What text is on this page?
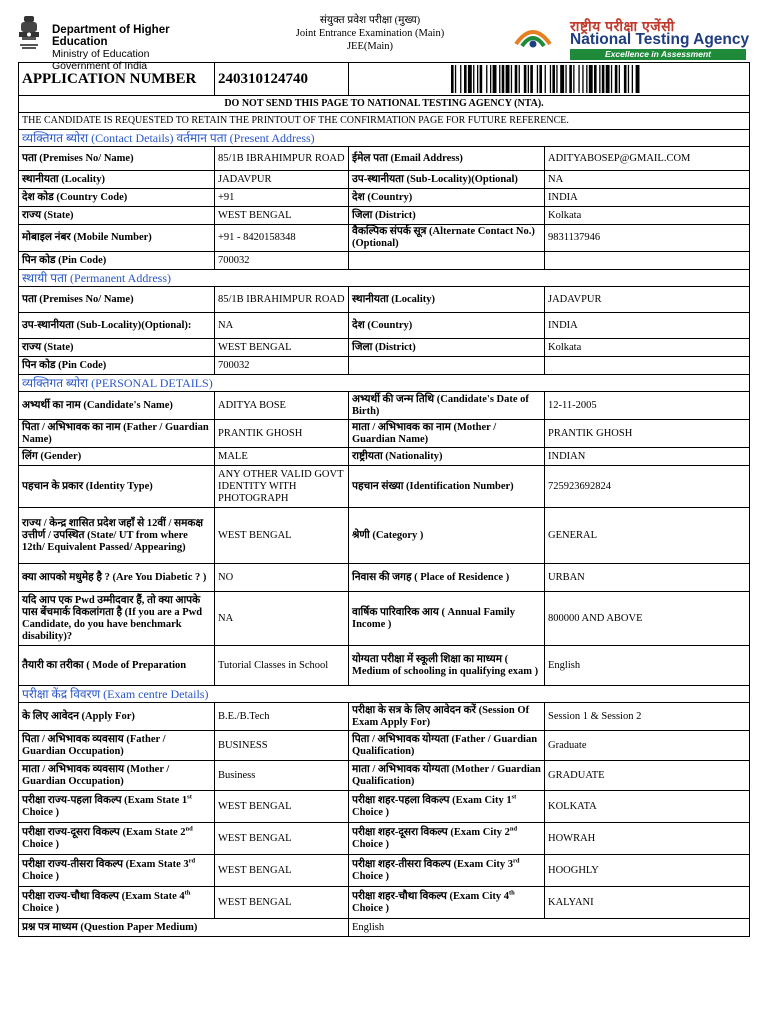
Department of Higher Education
Ministry of Education
Government of India
संयुक्त प्रवेश परीक्षा (मुख्य)
Joint Entrance Examination (Main)
JEE(Main)
राष्ट्रीय परीक्षा एजेंसी
National Testing Agency
Excellence in Assessment
APPLICATION NUMBER	240310124740	

DO NOT SEND THIS PAGE TO NATIONAL TESTING AGENCY (NTA).			
THE CANDIDATE IS REQUESTED TO RETAIN THE PRINTOUT OF THE CONFIRMATION PAGE FOR FUTURE REFERENCE.			
व्यक्तिगत ब्योरा (Contact Details) वर्तमान पता (Present Address)			
पता (Premises No/ Name)	85/1B IBRAHIMPUR ROAD	ईमेल पता (Email Address)	ADITYABOSEP@GMAIL.COM
स्थानीयता (Locality)	JADAVPUR	उप-स्थानीयता (Sub-Locality)(Optional)	NA
देश कोड (Country Code)	+91	देश (Country)	INDIA
राज्य (State)	WEST BENGAL	जिला (District)	Kolkata
मोबाइल नंबर (Mobile Number)	+91 - 8420158348	वैकल्पिक संपर्क सूत्र (Alternate Contact No.) (Optional)	9831137946
पिन कोड (Pin Code)	700032		
स्थायी पता (Permanent Address)			
पता (Premises No/ Name)	85/1B IBRAHIMPUR ROAD	स्थानीयता (Locality)	JADAVPUR
उप-स्थानीयता (Sub-Locality)(Optional):	NA	देश (Country)	INDIA
राज्य (State)	WEST BENGAL	जिला (District)	Kolkata
पिन कोड (Pin Code)	700032		
व्यक्तिगत ब्योरा (PERSONAL DETAILS)			
अभ्यर्थी का नाम (Candidate's Name)	ADITYA BOSE	अभ्यर्थी की जन्म तिथि (Candidate's Date of Birth)	12-11-2005
पिता / अभिभावक का नाम (Father / Guardian Name)	PRANTIK GHOSH	माता / अभिभावक का नाम (Mother / Guardian Name)	PRANTIK GHOSH
लिंग (Gender)	MALE	राष्ट्रीयता (Nationality)	INDIAN
पहचान के प्रकार (Identity Type)	ANY OTHER VALID GOVT IDENTITY WITH PHOTOGRAPH	पहचान संख्या (Identification Number)	725923692824
राज्य / केन्द्र शासित प्रदेश जहाँ से 12वीं / समकक्ष उत्तीर्ण / उपस्थित (State/ UT from where 12th/ Equivalent Passed/ Appearing)	WEST BENGAL	श्रेणी (Category )	GENERAL
क्या आपको मधुमेह है ? (Are You Diabetic ? )	NO	निवास की जगह ( Place of Residence )	URBAN
यदि आप एक Pwd उम्मीदवार हैं, तो क्या आपके पास बेंचमार्क विकलांगता है (If you are a Pwd Candidate, do you have benchmark disability)?	NA	वार्षिक पारिवारिक आय ( Annual Family Income )	800000 AND ABOVE
तैयारी का तरीका ( Mode of Preparation	Tutorial Classes in School	योग्यता परीक्षा में स्कूली शिक्षा का माध्यम ( Medium of schooling in qualifying exam )	English
परीक्षा केंद्र विवरण (Exam centre Details)			
के लिए आवेदन (Apply For)	B.E./B.Tech	परीक्षा के सत्र के लिए आवेदन करें (Session Of Exam Apply For)	Session 1 & Session 2
पिता / अभिभावक व्यवसाय (Father / Guardian Occupation)	BUSINESS	पिता / अभिभावक योग्यता (Father / Guardian Qualification)	Graduate
माता / अभिभावक व्यवसाय (Mother / Guardian Occupation)	Business	माता / अभिभावक योग्यता (Mother / Guardian Qualification)	GRADUATE
परीक्षा राज्य-पहला विकल्प (Exam State 1st Choice )	WEST BENGAL	परीक्षा शहर-पहला विकल्प (Exam City 1st Choice )	KOLKATA
परीक्षा राज्य-दूसरा विकल्प (Exam State 2nd Choice )	WEST BENGAL	परीक्षा शहर-दूसरा विकल्प (Exam City 2nd Choice )	HOWRAH
परीक्षा राज्य-तीसरा विकल्प (Exam State 3rd Choice )	WEST BENGAL	परीक्षा शहर-तीसरा विकल्प (Exam City 3rd Choice )	HOOGHLY
परीक्षा राज्य-चौथा विकल्प (Exam State 4th Choice )	WEST BENGAL	परीक्षा शहर-चौथा विकल्प (Exam City 4th Choice )	KALYANI
प्रश्न पत्र माध्यम (Question Paper Medium)		English	
